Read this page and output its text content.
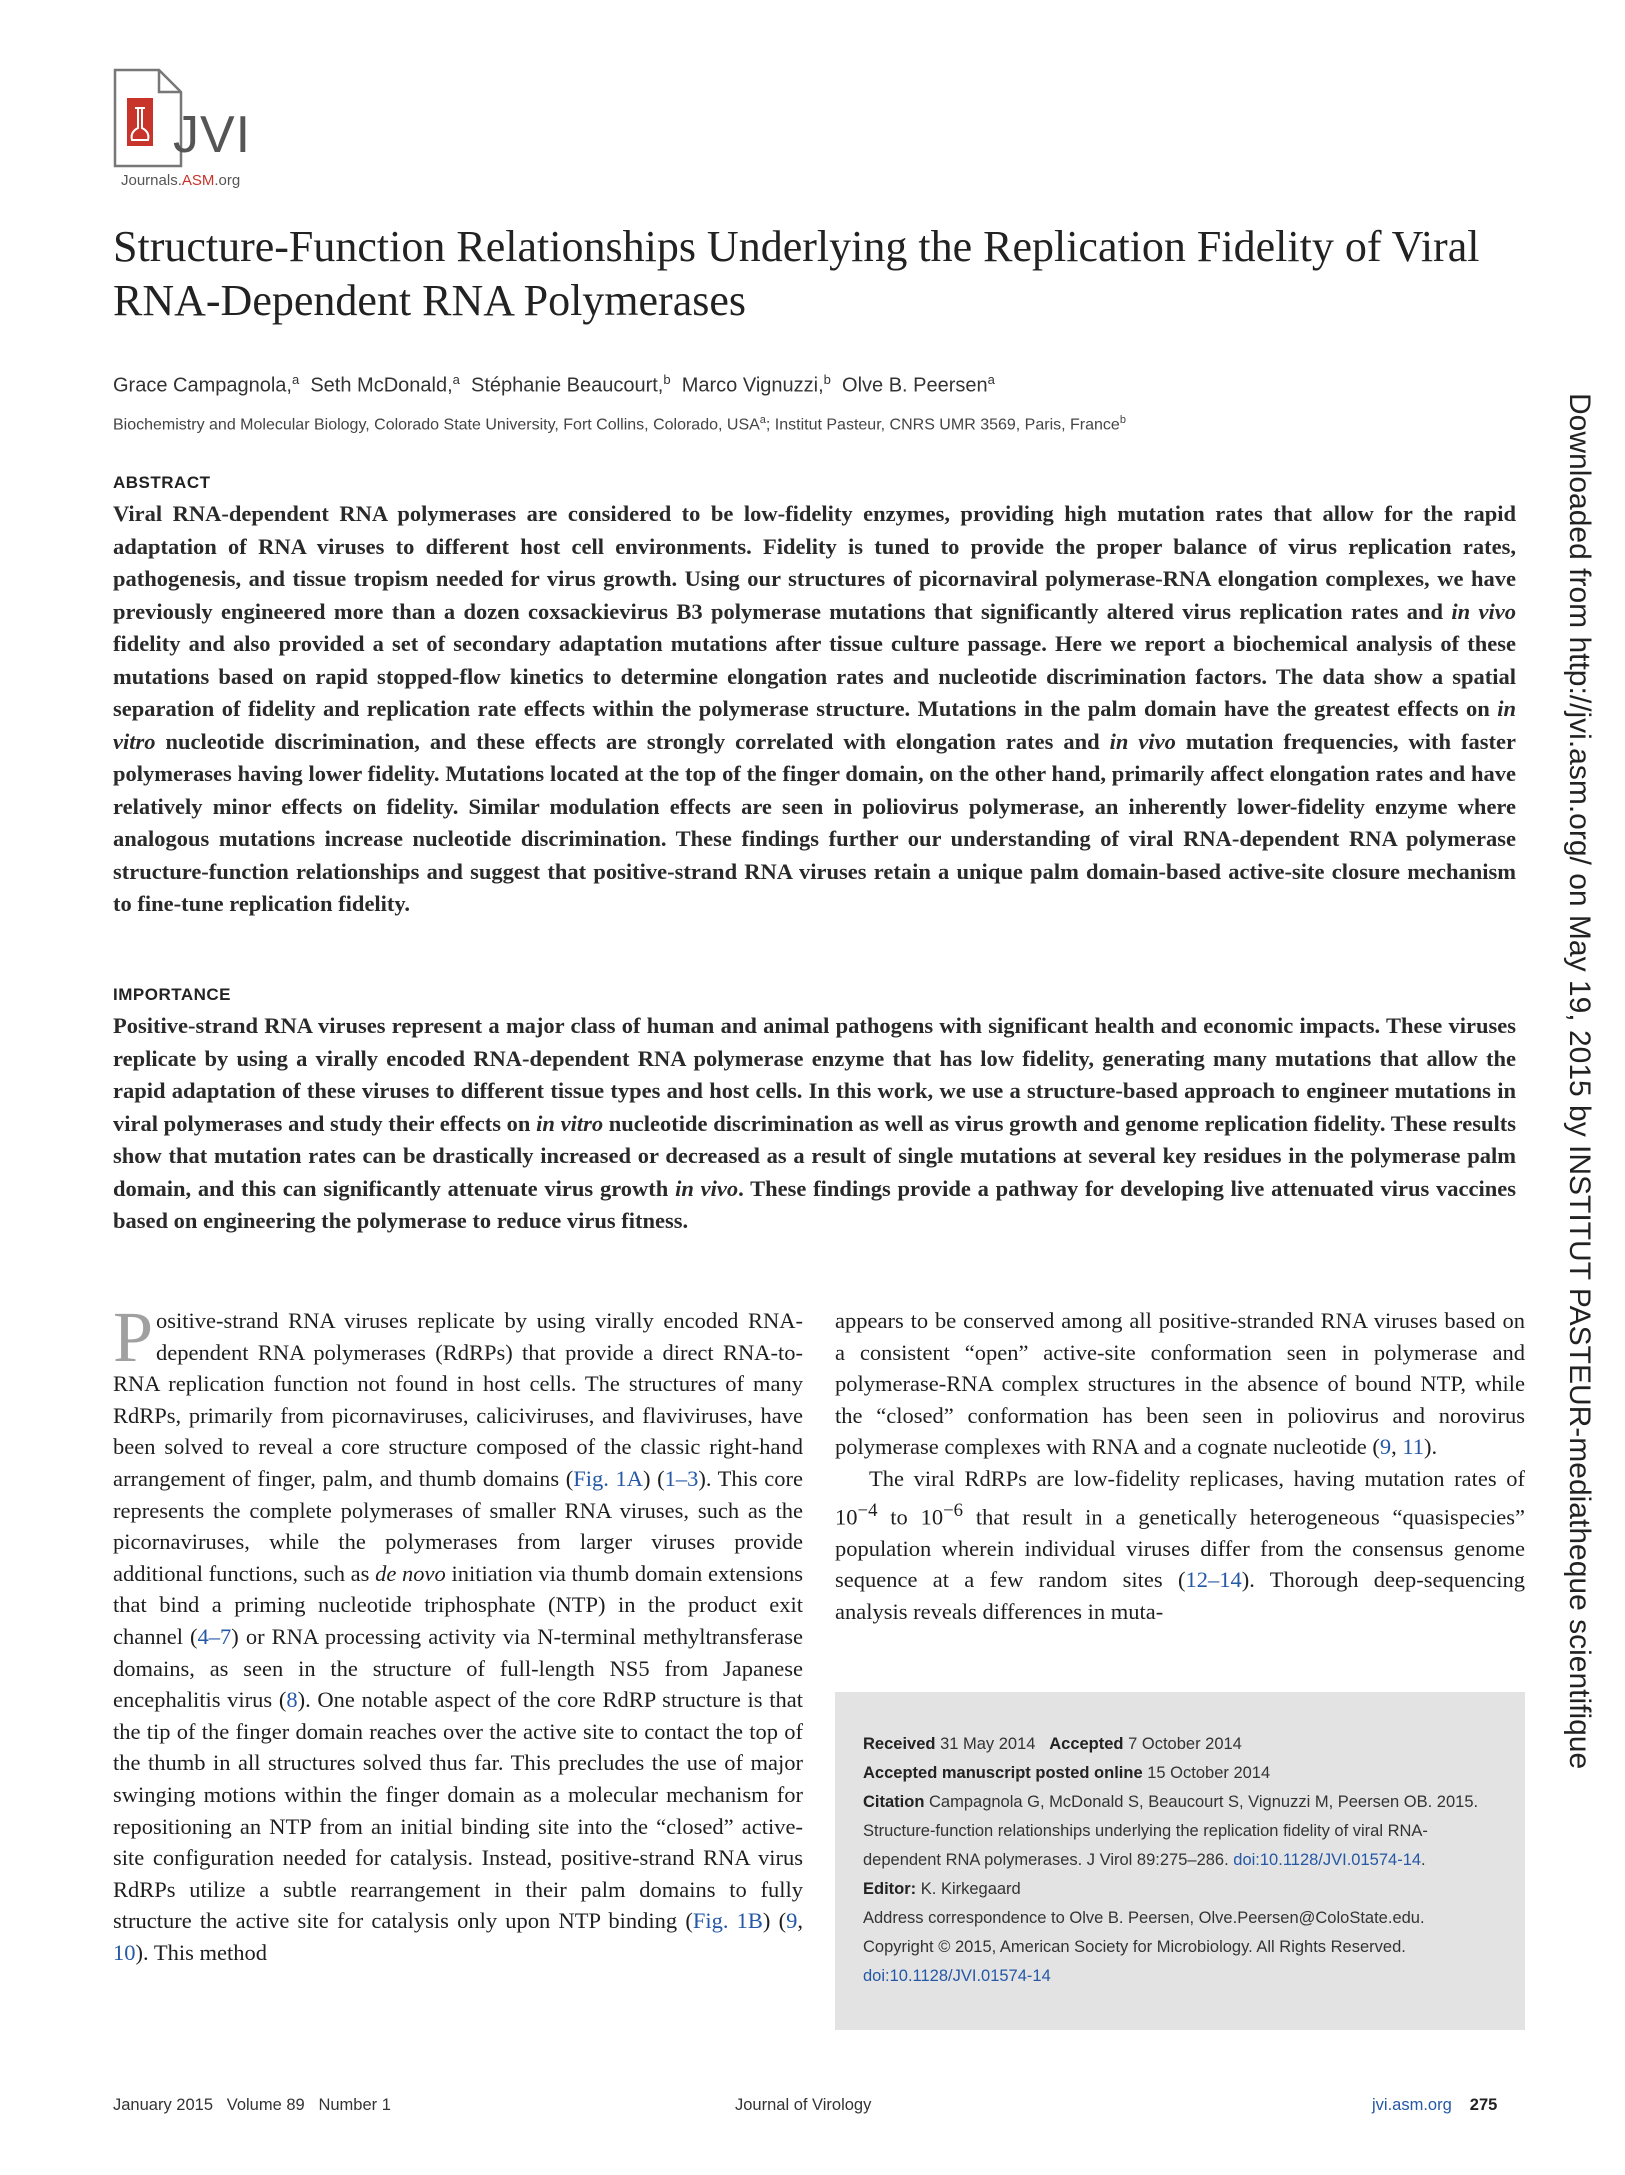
JVI
Journals.ASM.org
Structure-Function Relationships Underlying the Replication Fidelity of Viral RNA-Dependent RNA Polymerases
Grace Campagnola,$^a$ Seth McDonald,$^a$ Stéphanie Beaucourt,$^b$ Marco Vignuzzi,$^b$ Olve B. Peersen$^a$
Biochemistry and Molecular Biology, Colorado State University, Fort Collins, Colorado, USA$^a$; Institut Pasteur, CNRS UMR 3569, Paris, France$^b$
ABSTRACT

Viral RNA-dependent RNA polymerases are considered to be low-fidelity enzymes, providing high mutation rates that allow for the rapid adaptation of RNA viruses to different host cell environments. Fidelity is tuned to provide the proper balance of virus replication rates, pathogenesis, and tissue tropism needed for virus growth. Using our structures of picornaviral polymerase-RNA elongation complexes, we have previously engineered more than a dozen coxsackievirus B3 polymerase mutations that significantly altered virus replication rates and in vivo fidelity and also provided a set of secondary adaptation mutations after tissue culture passage. Here we report a biochemical analysis of these mutations based on rapid stopped-flow kinetics to determine elongation rates and nucleotide discrimination factors. The data show a spatial separation of fidelity and replication rate effects within the polymerase structure. Mutations in the palm domain have the greatest effects on in vitro nucleotide discrimination, and these effects are strongly correlated with elongation rates and in vivo mutation frequencies, with faster polymerases having lower fidelity. Mutations located at the top of the finger domain, on the other hand, primarily affect elongation rates and have relatively minor effects on fidelity. Similar modulation effects are seen in poliovirus polymerase, an inherently lower-fidelity enzyme where analogous mutations increase nucleotide discrimination. These findings further our understanding of viral RNA-dependent RNA polymerase structure-function relationships and suggest that positive-strand RNA viruses retain a unique palm domain-based active-site closure mechanism to fine-tune replication fidelity.

IMPORTANCE

Positive-strand RNA viruses represent a major class of human and animal pathogens with significant health and economic impacts. These viruses replicate by using a virally encoded RNA-dependent RNA polymerase enzyme that has low fidelity, generating many mutations that allow the rapid adaptation of these viruses to different tissue types and host cells. In this work, we use a structure-based approach to engineer mutations in viral polymerases and study their effects on in vitro nucleotide discrimination as well as virus growth and genome replication fidelity. These results show that mutation rates can be drastically increased or decreased as a result of single mutations at several key residues in the polymerase palm domain, and this can significantly attenuate virus growth in vivo. These findings provide a pathway for developing live attenuated virus vaccines based on engineering the polymerase to reduce virus fitness.

Positive-strand RNA viruses replicate by using virally encoded RNA-dependent RNA polymerases (RdRPs) that provide a direct RNA-to-RNA replication function not found in host cells. The structures of many RdRPs, primarily from picornaviruses, caliciviruses, and flaviviruses, have been solved to reveal a core structure composed of the classic right-hand arrangement of finger, palm, and thumb domains (Fig. 1A) (1–3). This core represents the complete polymerases of smaller RNA viruses, such as the picornaviruses, while the polymerases from larger viruses provide additional functions, such as de novo initiation via thumb domain extensions that bind a priming nucleotide triphosphate (NTP) in the product exit channel (4–7) or RNA processing activity via N-terminal methyltransferase domains, as seen in the structure of full-length NS5 from Japanese encephalitis virus (8). One notable aspect of the core RdRP structure is that the tip of the finger domain reaches over the active site to contact the top of the thumb in all structures solved thus far. This precludes the use of major swinging motions within the finger domain as a molecular mechanism for repositioning an NTP from an initial binding site into the “closed” active-site configuration needed for catalysis. Instead, positive-strand RNA virus RdRPs utilize a subtle rearrangement in their palm domains to fully structure the active site for catalysis only upon NTP binding (Fig. 1B) (9, 10). This method

appears to be conserved among all positive-stranded RNA viruses based on a consistent “open” active-site conformation seen in polymerase and polymerase-RNA complex structures in the absence of bound NTP, while the “closed” conformation has been seen in poliovirus and norovirus polymerase complexes with RNA and a cognate nucleotide (9, 11).

The viral RdRPs are low-fidelity replicases, having mutation rates of $10^{-4}$ to $10^{-6}$ that result in a genetically heterogeneous “quasispecies” population wherein individual viruses differ from the consensus genome sequence at a few random sites (12–14). Thorough deep-sequencing analysis reveals differences in muta-

Received 31 May 2014 Accepted 7 October 2014

Accepted manuscript posted online 15 October 2014

Citation Campagnola G, McDonald S, Beaucourt S, Vignuzzi M, Peersen OB. 2015. Structure-function relationships underlying the replication fidelity of viral RNA-dependent RNA polymerases. J Virol 89:275–286. doi:10.1128/JVI.01574-14.

Editor: K. Kirkegaard

Address correspondence to Olve B. Peersen, Olve.Peersen@ColoState.edu.

Copyright © 2015, American Society for Microbiology. All Rights Reserved.

doi:10.1128/JVI.01574-14

Downloaded from http://jvi.asm.org/ on May 19, 2015 by INSTITUT PASTEUR-mediatheque scientifique
January 2015   Volume 89   Number 1	Journal of Virology	jvi.asm.org 275
